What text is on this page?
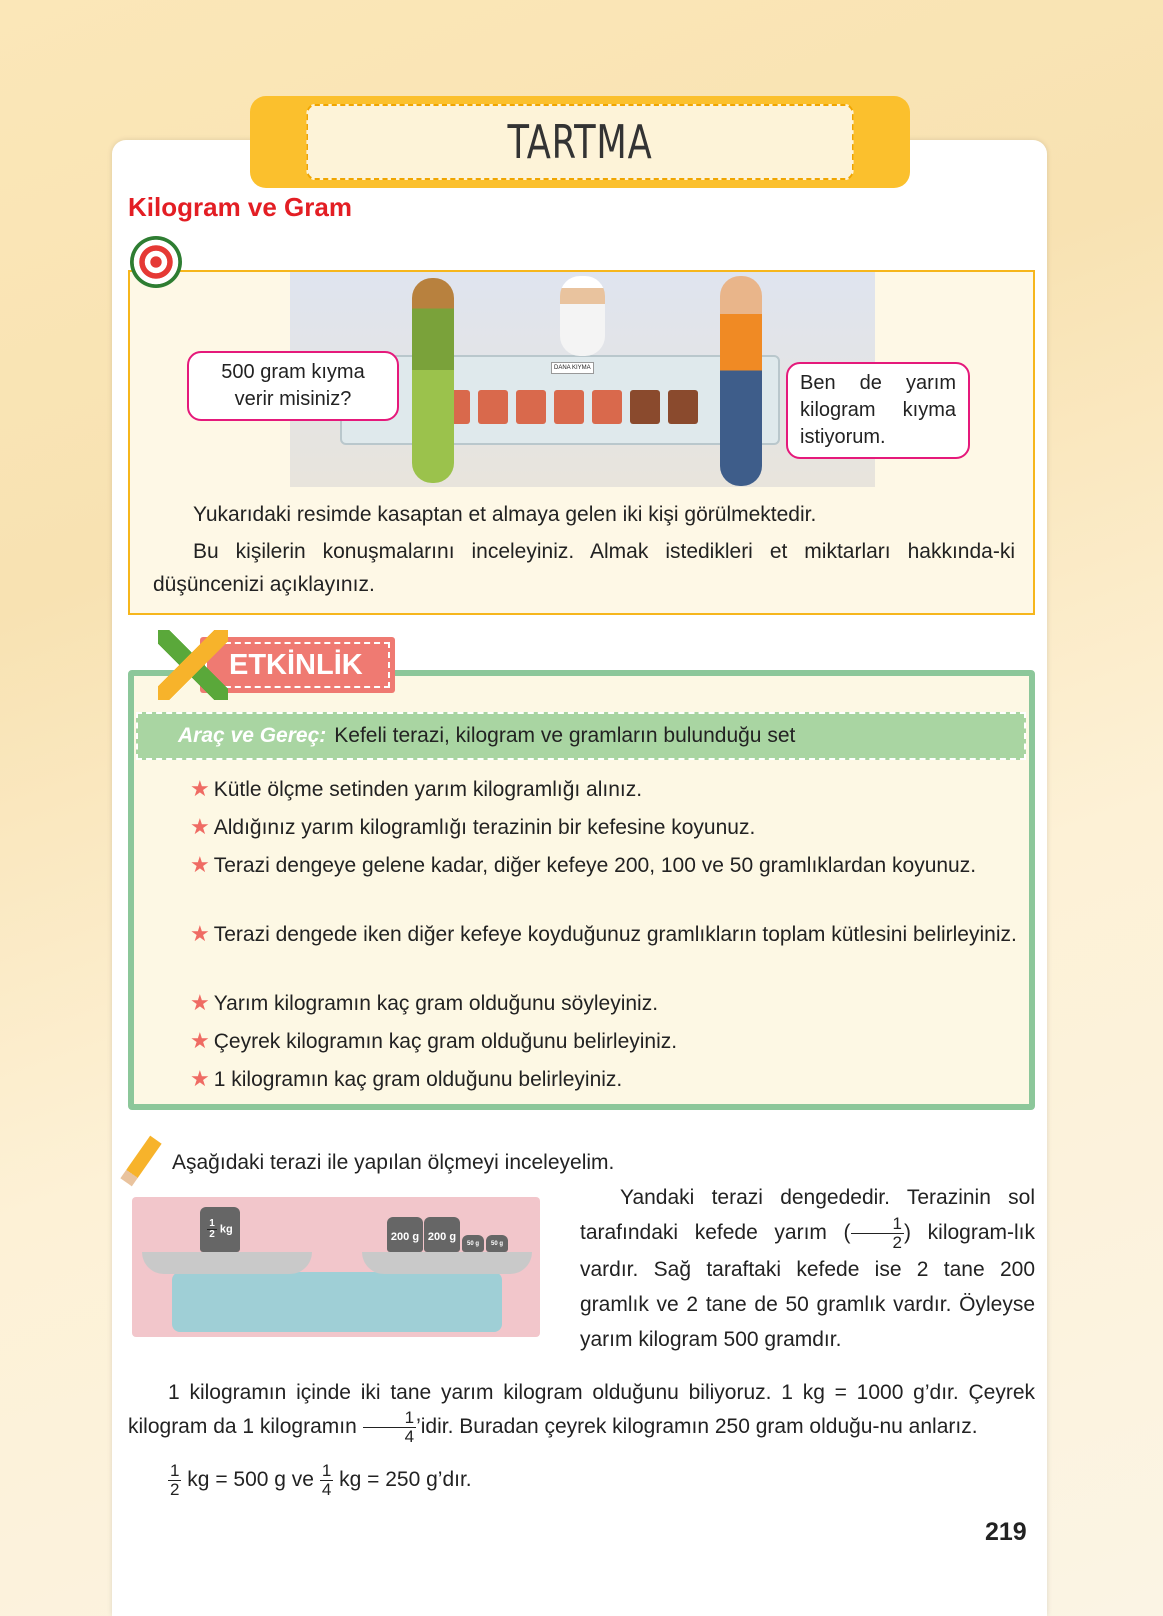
TARTMA
Kilogram ve Gram
DANA KIYMA
500 gram kıyma verir misiniz?
Ben de yarım kilogram kıyma istiyorum.
Yukarıdaki resimde kasaptan et almaya gelen iki kişi görülmektedir.
Bu kişilerin konuşmalarını inceleyiniz. Almak istedikleri et miktarları hakkında-ki düşüncenizi açıklayınız.
ETKİNLİK
Araç ve Gereç: Kefeli terazi, kilogram ve gramların bulunduğu set
★ Kütle ölçme setinden yarım kilogramlığı alınız.
★ Aldığınız yarım kilogramlığı terazinin bir kefesine koyunuz.
★ Terazi dengeye gelene kadar, diğer kefeye 200, 100 ve 50 gramlıklardan koyunuz.
★ Terazi dengede iken diğer kefeye koyduğunuz gramlıkların toplam kütlesini belirleyiniz.
★ Yarım kilogramın kaç gram olduğunu söyleyiniz.
★ Çeyrek kilogramın kaç gram olduğunu belirleyiniz.
★ 1 kilogramın kaç gram olduğunu belirleyiniz.
Aşağıdaki terazi ile yapılan ölçmeyi inceleyelim.
$\frac{1}{2}$ kg
200 g 200 g
50 g	50 g
Yandaki terazi dengededir. Terazinin sol tarafındaki kefede yarım ( $\frac{1}{2}$ ) kilogram-lık vardır. Sağ taraftaki kefede ise 2 tane 200 gramlık ve 2 tane de 50 gramlık vardır. Öyleyse yarım kilogram 500 gramdır.
1 kilogramın içinde iki tane yarım kilogram olduğunu biliyoruz. 1 kg = 1000 g’dır. Çeyrek kilogram da 1 kilogramın $\frac{1}{4}$ ’idir. Buradan çeyrek kilogramın 250 gram olduğu-nu anlarız.
$\frac{1}{2}$ kg = 500 g ve $\frac{1}{4}$ kg = 250 g’dır.
219
